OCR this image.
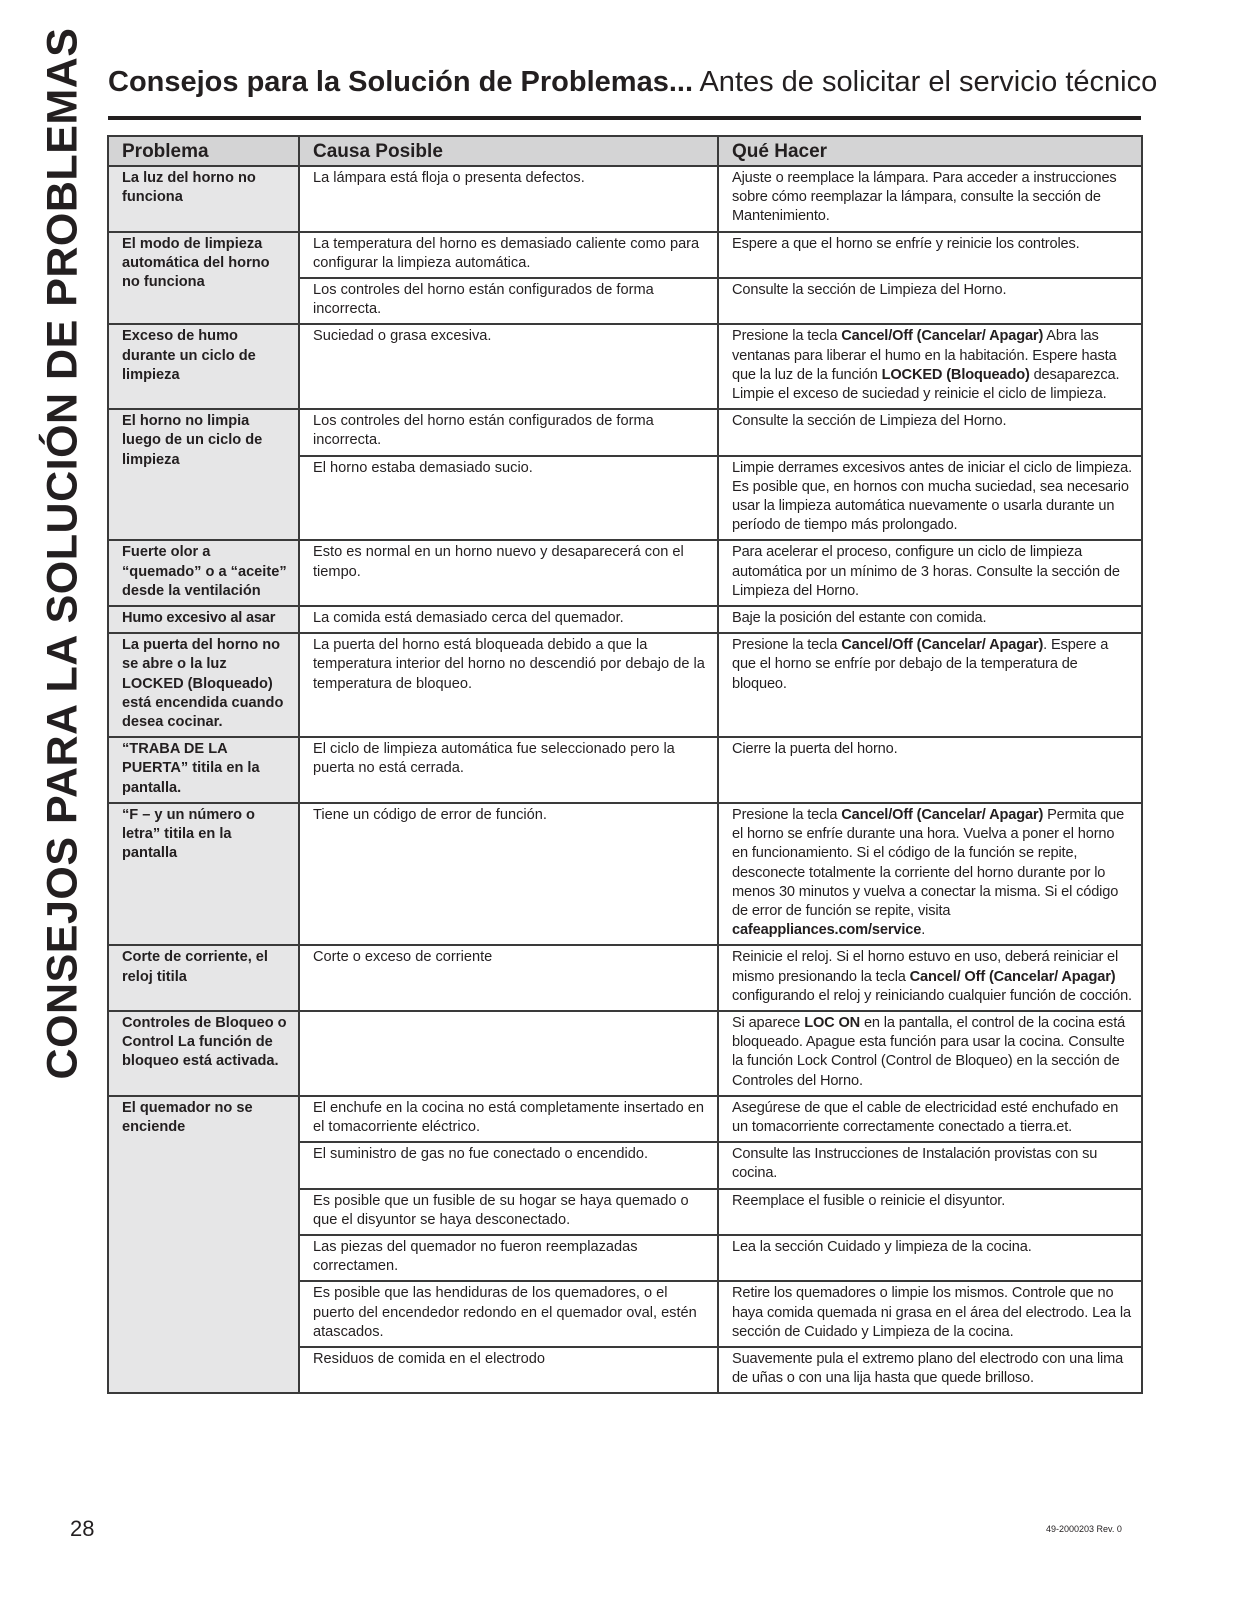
CONSEJOS PARA LA SOLUCIÓN DE PROBLEMAS Consejos para la Solución de Problemas... Antes de solicitar el servicio técnico
Problema	Causa Posible	Qué Hacer
La luz del horno no funciona	La lámpara está floja o presenta defectos.	Ajuste o reemplace la lámpara. Para acceder a instrucciones sobre cómo reemplazar la lámpara, consulte la sección de Mantenimiento.
El modo de limpieza automática del horno no funciona	La temperatura del horno es demasiado caliente como para configurar la limpieza automática.	Espere a que el horno se enfríe y reinicie los controles.
	Los controles del horno están configurados de forma incorrecta.	Consulte la sección de Limpieza del Horno.
Exceso de humo durante un ciclo de limpieza	Suciedad o grasa excesiva.	Presione la tecla Cancel/Off (Cancelar/ Apagar) Abra las ventanas para liberar el humo en la habitación. Espere hasta que la luz de la función LOCKED (Bloqueado) desaparezca. Limpie el exceso de suciedad y reinicie el ciclo de limpieza.
El horno no limpia luego de un ciclo de limpieza	Los controles del horno están configurados de forma incorrecta.	Consulte la sección de Limpieza del Horno.
	El horno estaba demasiado sucio.	Limpie derrames excesivos antes de iniciar el ciclo de limpieza. Es posible que, en hornos con mucha suciedad, sea necesario usar la limpieza automática nuevamente o usarla durante un período de tiempo más prolongado.
Fuerte olor a “quemado” o a “aceite” desde la ventilación	Esto es normal en un horno nuevo y desaparecerá con el tiempo.	Para acelerar el proceso, configure un ciclo de limpieza automática por un mínimo de 3 horas. Consulte la sección de Limpieza del Horno.
Humo excesivo al asar	La comida está demasiado cerca del quemador.	Baje la posición del estante con comida.
La puerta del horno no se abre o la luz LOCKED (Bloqueado) está encendida cuando desea cocinar.	La puerta del horno está bloqueada debido a que la temperatura interior del horno no descendió por debajo de la temperatura de bloqueo.	Presione la tecla Cancel/Off (Cancelar/ Apagar). Espere a que el horno se enfríe por debajo de la temperatura de bloqueo.
“TRABA DE LA PUERTA” titila en la pantalla.	El ciclo de limpieza automática fue seleccionado pero la puerta no está cerrada.	Cierre la puerta del horno.
“F – y un número o letra” titila en la pantalla	Tiene un código de error de función.	Presione la tecla Cancel/Off (Cancelar/ Apagar) Permita que el horno se enfríe durante una hora. Vuelva a poner el horno en funcionamiento. Si el código de la función se repite, desconecte totalmente la corriente del horno durante por lo menos 30 minutos y vuelva a conectar la misma. Si el código de error de función se repite, visita cafeappliances.com/service.
Corte de corriente, el reloj titila	Corte o exceso de corriente	Reinicie el reloj. Si el horno estuvo en uso, deberá reiniciar el mismo presionando la tecla Cancel/ Off (Cancelar/ Apagar) configurando el reloj y reiniciando cualquier función de cocción.
Controles de Bloqueo o Control La función de bloqueo está activada.		Si aparece LOC ON en la pantalla, el control de la cocina está bloqueado. Apague esta función para usar la cocina. Consulte la función Lock Control (Control de Bloqueo) en la sección de Controles del Horno.
El quemador no se enciende	El enchufe en la cocina no está completamente insertado en el tomacorriente eléctrico.	Asegúrese de que el cable de electricidad esté enchufado en un tomacorriente correctamente conectado a tierra.et.
	El suministro de gas no fue conectado o encendido.	Consulte las Instrucciones de Instalación provistas con su cocina.
	Es posible que un fusible de su hogar se haya quemado o que el disyuntor se haya desconectado.	Reemplace el fusible o reinicie el disyuntor.
	Las piezas del quemador no fueron reemplazadas correctamen.	Lea la sección Cuidado y limpieza de la cocina.
	Es posible que las hendiduras de los quemadores, o el puerto del encendedor redondo en el quemador oval, estén atascados.	Retire los quemadores o limpie los mismos. Controle que no haya comida quemada ni grasa en el área del electrodo. Lea la sección de Cuidado y Limpieza de la cocina.
	Residuos de comida en el electrodo	Suavemente pula el extremo plano del electrodo con una lima de uñas o con una lija hasta que quede brilloso.
28	49-2000203 Rev. 0
